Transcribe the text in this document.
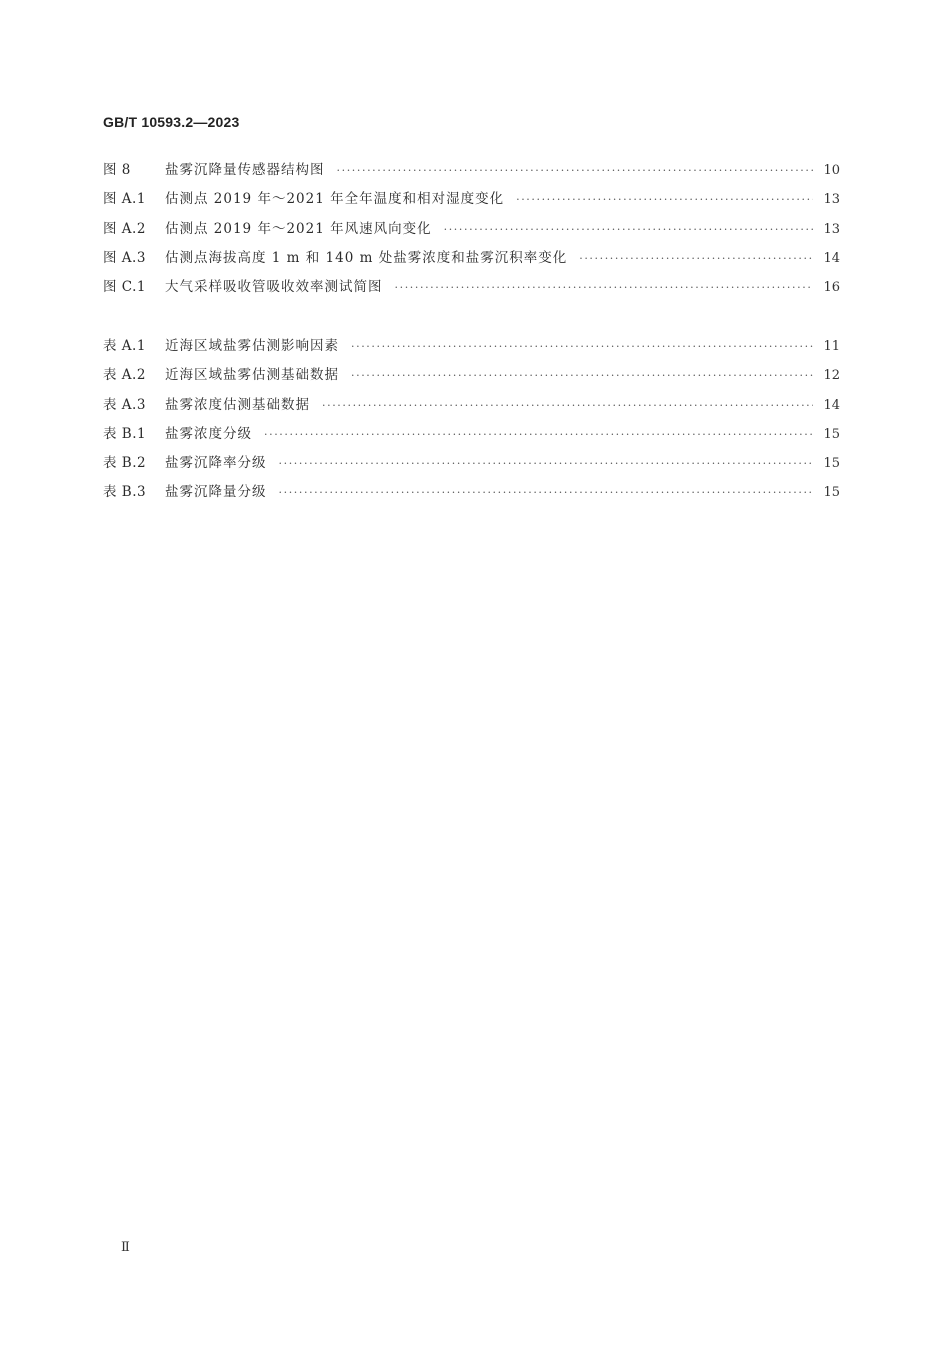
GB/T 10593.2—2023
图 8	盐雾沉降量传感器结构图 ·····	10
图 A.1	估测点 2019 年～2021 年全年温度和相对湿度变化 ·····	13
图 A.2	估测点 2019 年～2021 年风速风向变化 ·····	13
图 A.3	估测点海拔高度 1 m 和 140 m 处盐雾浓度和盐雾沉积率变化 ·····	14
图 C.1	大气采样吸收管吸收效率测试简图 ·····	16
表 A.1	近海区域盐雾估测影响因素 ·····	11
表 A.2	近海区域盐雾估测基础数据 ·····	12
表 A.3	盐雾浓度估测基础数据 ·····	14
表 B.1	盐雾浓度分级 ·····	15
表 B.2	盐雾沉降率分级 ·····	15
表 B.3	盐雾沉降量分级 ·····	15
Ⅱ
